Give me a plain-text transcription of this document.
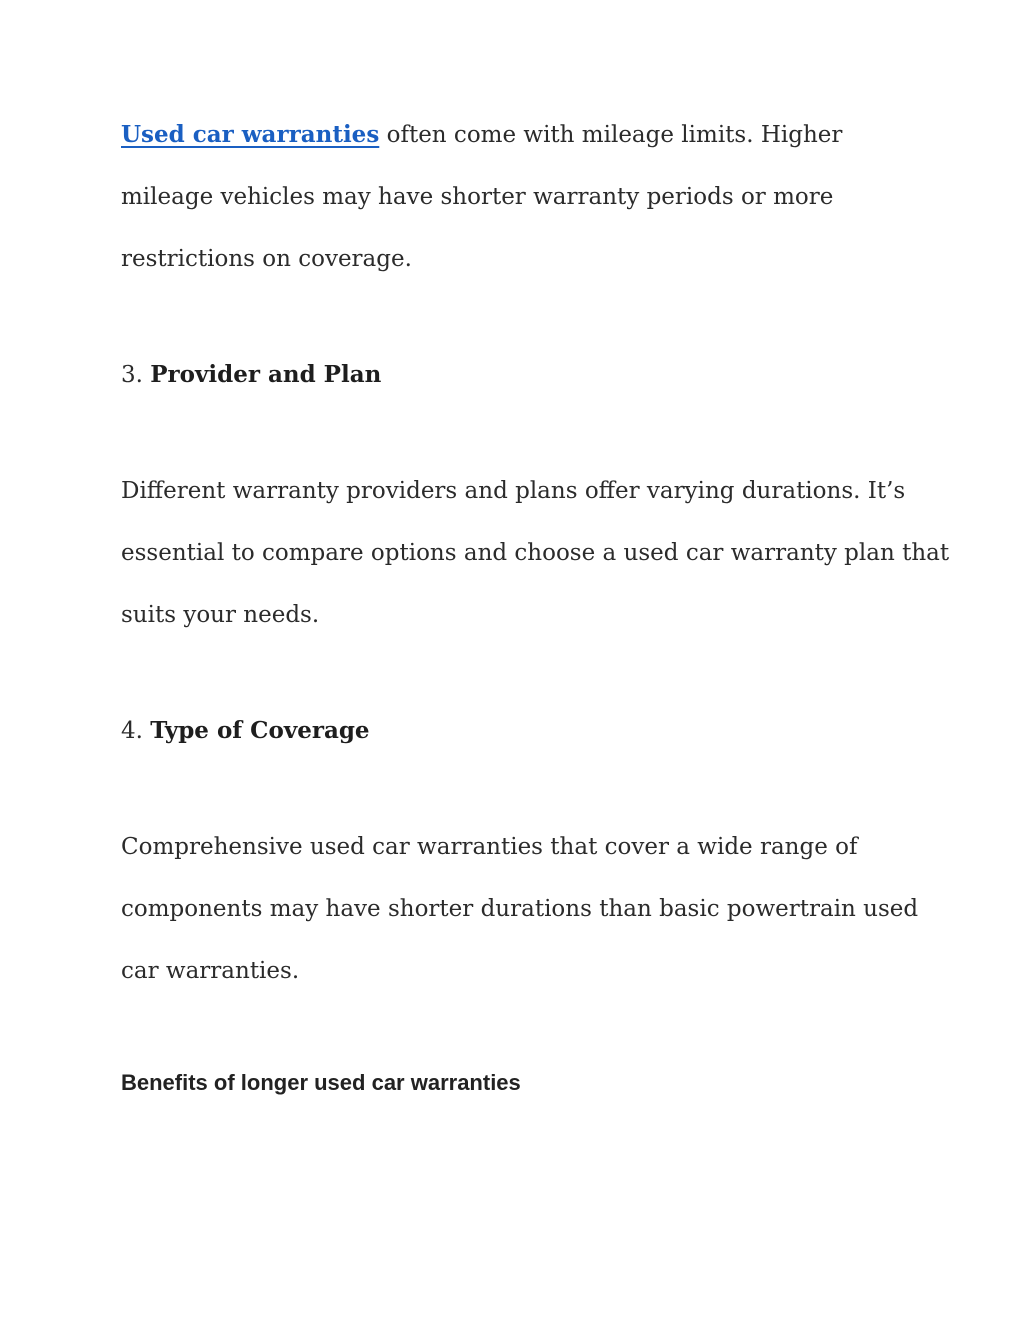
Used car warranties often come with mileage limits. Higher
mileage vehicles may have shorter warranty periods or more
restrictions on coverage.
3. Provider and Plan
Different warranty providers and plans offer varying durations. It’s
essential to compare options and choose a used car warranty plan that
suits your needs.
4. Type of Coverage
Comprehensive used car warranties that cover a wide range of
components may have shorter durations than basic powertrain used
car warranties.
Benefits of longer used car warranties
